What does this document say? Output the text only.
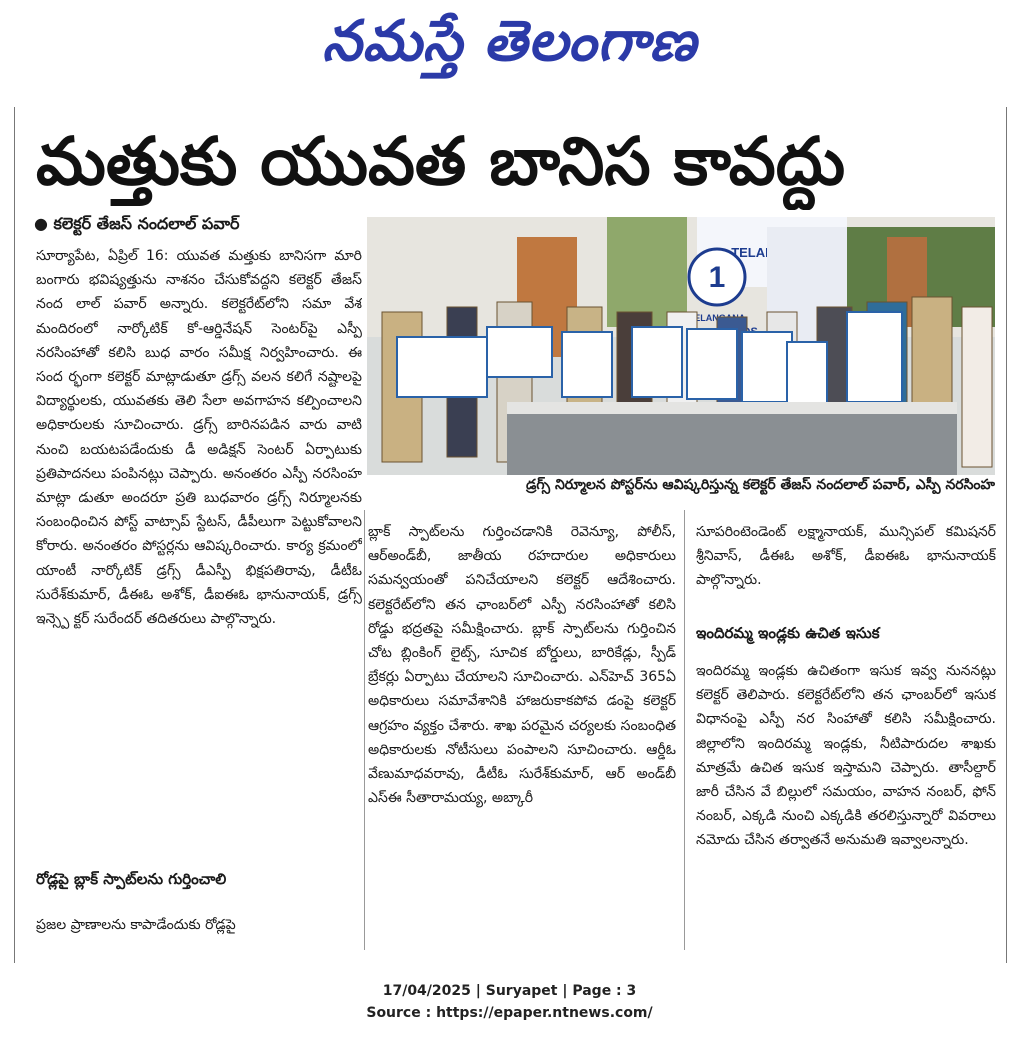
నమస్తే తెలంగాణ
మత్తుకు యువత బానిస కావద్దు
● కలెక్టర్ తేజస్ నందలాల్ పవార్
1
డ్రగ్స్ నిర్మూలన పోస్టర్‌ను ఆవిష్కరిస్తున్న కలెక్టర్ తేజస్ నందలాల్ పవార్, ఎస్పీ నరసింహ

సూర్యాపేట, ఏప్రిల్ 16: యువత మత్తుకు బానిసగా మారి బంగారు భవిష్యత్తును నాశనం చేసుకోవద్దని కలెక్టర్ తేజస్ నంద లాల్ పవార్ అన్నారు. కలెక్టరేట్‌లోని సమా వేశ మందిరంలో నార్కోటిక్ కో-ఆర్డినేషన్ సెంటర్‌పై ఎస్పీ నరసింహాతో కలిసి బుధ వారం సమీక్ష నిర్వహించారు. ఈ సంద ర్భంగా కలెక్టర్ మాట్లాడుతూ డ్రగ్స్ వలన కలిగే నష్టాలపై విద్యార్థులకు, యువతకు తెలి సేలా అవగాహన కల్పించాలని అధికారులకు సూచించారు. డ్రగ్స్ బారినపడిన వారు వాటి నుంచి బయటపడేందుకు డీ అడిక్షన్ సెంటర్ ఏర్పాటుకు ప్రతిపాదనలు పంపినట్లు చెప్పారు. అనంతరం ఎస్పీ నరసింహ మాట్లా డుతూ అందరూ ప్రతి బుధవారం డ్రగ్స్ నిర్మూలనకు సంబంధించిన పోస్ట్ వాట్సాప్ స్టేటస్, డీపీలుగా పెట్టుకోవాలని కోరారు. అనంతరం పోస్టర్లను ఆవిష్కరించారు. కార్య క్రమంలో యాంటీ నార్కోటిక్ డ్రగ్స్ డీఎస్పీ భిక్షపతిరావు, డీటీఓ సురేశ్‌కుమార్, డీఈఓ అశోక్, డీఐఈఓ భానునాయక్, డ్రగ్స్ ఇన్స్పె క్టర్ సురేందర్ తదితరులు పాల్గొన్నారు.

రోడ్లపై బ్లాక్ స్పాట్‌లను గుర్తించాలి

ప్రజల ప్రాణాలను కాపాడేందుకు రోడ్లపై

బ్లాక్ స్పాట్‌లను గుర్తించడానికి రెవెన్యూ, పోలీస్, ఆర్అండ్‌బీ, జాతీయ రహదారుల అధికారులు సమన్వయంతో పనిచేయాలని కలెక్టర్ ఆదేశించారు. కలెక్టరేట్‌లోని తన ఛాంబర్‌లో ఎస్పీ నరసింహాతో కలిసి రోడ్డు భద్రతపై సమీక్షించారు. బ్లాక్ స్పాట్‌లను గుర్తించిన చోట బ్లింకింగ్ లైట్స్, సూచిక బోర్డులు, బారికేడ్లు, స్పీడ్ బ్రేకర్లు ఏర్పాటు చేయాలని సూచించారు. ఎన్‌హెచ్ 365ఏ అధికారులు సమావేశానికి హాజరుకాకపోవ డంపై కలెక్టర్ ఆగ్రహం వ్యక్తం చేశారు. శాఖ పరమైన చర్యలకు సంబంధిత అధికారులకు నోటీసులు పంపాలని సూచించారు. ఆర్డీఓ వేణుమాధవరావు, డీటీఓ సురేశ్‌కుమార్, ఆర్ అండ్‌బీ ఎస్ఈ సీతారామయ్య, అబ్కారీ

సూపరింటెండెంట్ లక్ష్మానాయక్, మున్సిపల్ కమిషనర్ శ్రీనివాస్, డీఈఓ అశోక్, డీఐఈఓ భానునాయక్ పాల్గొన్నారు.

ఇందిరమ్మ ఇండ్లకు ఉచిత ఇసుక

ఇందిరమ్మ ఇండ్లకు ఉచితంగా ఇసుక ఇవ్వ నుననట్లు కలెక్టర్ తెలిపారు. కలెక్టరేట్‌లోని తన ఛాంబర్‌లో ఇసుక విధానంపై ఎస్పీ నర సింహాతో కలిసి సమీక్షించారు. జిల్లాలోని ఇందిరమ్మ ఇండ్లకు, నీటిపారుదల శాఖకు మాత్రమే ఉచిత ఇసుక ఇస్తామని చెప్పారు. తాసీల్దార్ జారీ చేసిన వే బిల్లులో సమయం, వాహన నంబర్, ఫోన్ నంబర్, ఎక్కడి నుంచి ఎక్కడికి తరలిస్తున్నారో వివరాలు నమోదు చేసిన తర్వాతనే అనుమతి ఇవ్వాలన్నారు.

17/04/2025 | Suryapet | Page : 3
Source : https://epaper.ntnews.com/
